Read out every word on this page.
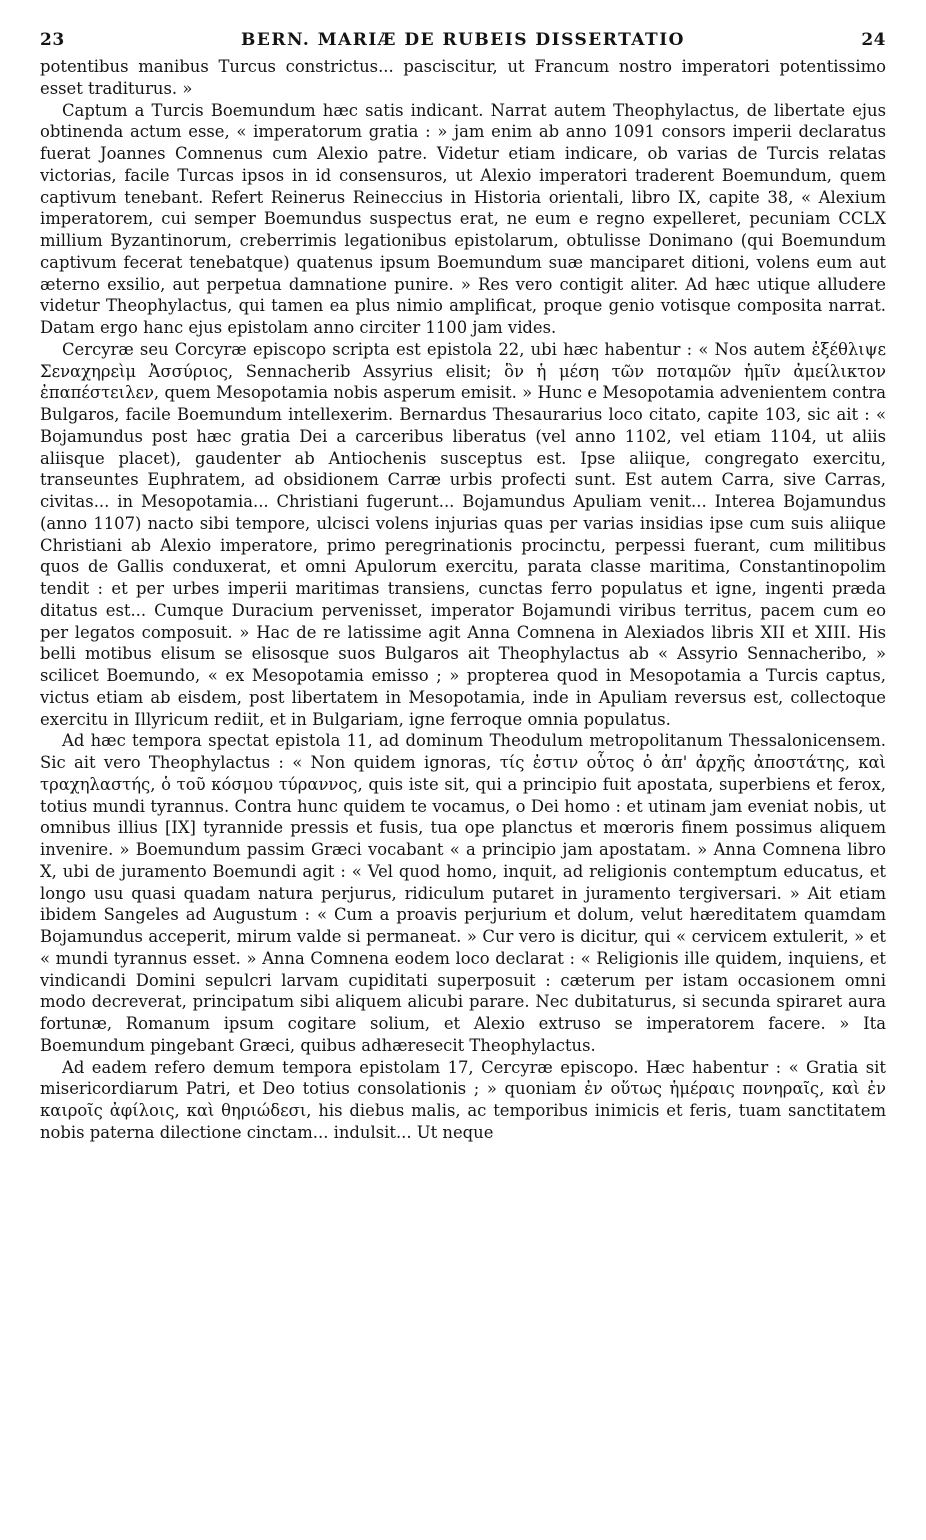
23	BERN. MARIÆ DE RUBEIS DISSERTATIO	24

potentibus manibus Turcus constrictus... pasciscitur, ut Francum nostro imperatori potentissimo esset traditurus. »

Captum a Turcis Boemundum hæc satis indicant. Narrat autem Theophylactus, de libertate ejus obtinenda actum esse, « imperatorum gratia : » jam enim ab anno 1091 consors imperii declaratus fuerat Joannes Comnenus cum Alexio patre. Videtur etiam indicare, ob varias de Turcis relatas victorias, facile Turcas ipsos in id consensuros, ut Alexio imperatori traderent Boemundum, quem captivum tenebant. Refert Reinerus Reineccius in Historia orientali, libro IX, capite 38, « Alexium imperatorem, cui semper Boemundus suspectus erat, ne eum e regno expelleret, pecuniam CCLX millium Byzantinorum, creberrimis legationibus epistolarum, obtulisse Donimano (qui Boemundum captivum fecerat tenebatque) quatenus ipsum Boemundum suæ manciparet ditioni, volens eum aut æterno exsilio, aut perpetua damnatione punire. » Res vero contigit aliter. Ad hæc utique alludere videtur Theophylactus, qui tamen ea plus nimio amplificat, proque genio votisque composita narrat. Datam ergo hanc ejus epistolam anno circiter 1100 jam vides.

Cercyræ seu Corcyræ episcopo scripta est epistola 22, ubi hæc habentur : « Nos autem ἐξέθλιψε Σεναχηρεὶμ Ἀσσύριος, Sennacherib Assyrius elisit; ὃν ἡ μέση τῶν ποταμῶν ἡμῖν ἀμείλικτον ἐπαπέστειλεν, quem Mesopotamia nobis asperum emisit. » Hunc e Mesopotamia advenientem contra Bulgaros, facile Boemundum intellexerim. Bernardus Thesaurarius loco citato, capite 103, sic ait : « Bojamundus post hæc gratia Dei a carceribus liberatus (vel anno 1102, vel etiam 1104, ut aliis aliisque placet), gaudenter ab Antiochenis susceptus est. Ipse aliique, congregato exercitu, transeuntes Euphratem, ad obsidionem Carræ urbis profecti sunt. Est autem Carra, sive Carras, civitas... in Mesopotamia... Christiani fugerunt... Bojamundus Apuliam venit... Interea Bojamundus (anno 1107) nacto sibi tempore, ulcisci volens injurias quas per varias insidias ipse cum suis aliique Christiani ab Alexio imperatore, primo peregrinationis procinctu, perpessi fuerant, cum militibus quos de Gallis conduxerat, et omni Apulorum exercitu, parata classe maritima, Constantinopolim tendit : et per urbes imperii maritimas transiens, cunctas ferro populatus et igne, ingenti præda ditatus est... Cumque Duracium pervenisset, imperator Bojamundi viribus territus, pacem cum eo per legatos composuit. » Hac de re latissime agit Anna Comnena in Alexiados libris XII et XIII. His belli motibus elisum se elisosque suos Bulgaros ait Theophylactus ab « Assyrio Sennacheribo, » scilicet Boemundo, « ex Mesopotamia emisso ; » propterea quod in Mesopotamia a Turcis captus, victus etiam ab eisdem, post libertatem in Mesopotamia, inde in Apuliam reversus est, collectoque exercitu in Illyricum rediit, et in Bulgariam, igne ferroque omnia populatus.

Ad hæc tempora spectat epistola 11, ad dominum Theodulum metropolitanum Thessalonicensem. Sic ait vero Theophylactus : « Non quidem ignoras, τίς ἐστιν οὗτος ὁ ἀπ' ἀρχῆς ἀποστάτης, καὶ τραχηλαστής, ὁ τοῦ κόσμου τύραννος, quis iste sit, qui a principio fuit apostata, superbiens et ferox, totius mundi tyrannus. Contra hunc quidem te vocamus, o Dei homo : et utinam jam eveniat nobis, ut omnibus illius [IX] tyrannide pressis et fusis, tua ope planctus et mœroris finem possimus aliquem invenire. » Boemundum passim Græci vocabant « a principio jam apostatam. » Anna Comnena libro X, ubi de juramento Boemundi agit : « Vel quod homo, inquit, ad religionis contemptum educatus, et longo usu quasi quadam natura perjurus, ridiculum putaret in juramento tergiversari. » Ait etiam ibidem Sangeles ad Augustum : « Cum a proavis perjurium et dolum, velut hæreditatem quamdam Bojamundus acceperit, mirum valde si permaneat. » Cur vero is dicitur, qui « cervicem extulerit, » et « mundi tyrannus esset. » Anna Comnena eodem loco declarat : « Religionis ille quidem, inquiens, et vindicandi Domini sepulcri larvam cupiditati superposuit : cæterum per istam occasionem omni modo decreverat, principatum sibi aliquem alicubi parare. Nec dubitaturus, si secunda spiraret aura fortunæ, Romanum ipsum cogitare solium, et Alexio extruso se imperatorem facere. » Ita Boemundum pingebant Græci, quibus adhæresecit Theophylactus.

Ad eadem refero demum tempora epistolam 17, Cercyræ episcopo. Hæc habentur : « Gratia sit misericordiarum Patri, et Deo totius consolationis ; » quoniam ἐν οὕτως ἡμέραις πονηραῖς, καὶ ἐν καιροῖς ἀφίλοις, καὶ θηριώδεσι, his diebus malis, ac temporibus inimicis et feris, tuam sanctitatem nobis paterna dilectione cinctam... indulsit... Ut neque
